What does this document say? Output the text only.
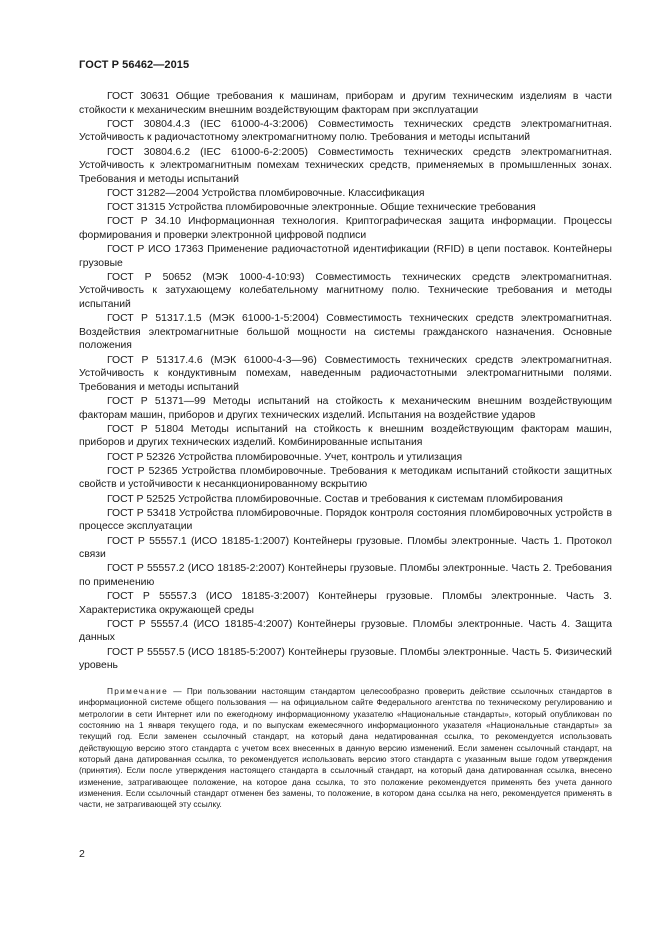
ГОСТ Р 56462—2015

ГОСТ 30631 Общие требования к машинам, приборам и другим техническим изделиям в части стойкости к механическим внешним воздействующим факторам при эксплуатации

ГОСТ 30804.4.3 (IEC 61000-4-3:2006) Совместимость технических средств электромагнитная. Устойчивость к радиочастотному электромагнитному полю. Требования и методы испытаний

ГОСТ 30804.6.2 (IEC 61000-6-2:2005) Совместимость технических средств электромагнитная. Устойчивость к электромагнитным помехам технических средств, применяемых в промышленных зонах. Требования и методы испытаний

ГОСТ 31282—2004 Устройства пломбировочные. Классификация

ГОСТ 31315 Устройства пломбировочные электронные. Общие технические требования

ГОСТ Р 34.10 Информационная технология. Криптографическая защита информации. Процессы формирования и проверки электронной цифровой подписи

ГОСТ Р ИСО 17363 Применение радиочастотной идентификации (RFID) в цепи поставок. Контейнеры грузовые

ГОСТ Р 50652 (МЭК 1000-4-10:93) Совместимость технических средств электромагнитная. Устойчивость к затухающему колебательному магнитному полю. Технические требования и методы испытаний

ГОСТ Р 51317.1.5 (МЭК 61000-1-5:2004) Совместимость технических средств электромагнитная. Воздействия электромагнитные большой мощности на системы гражданского назначения. Основные положения

ГОСТ Р 51317.4.6 (МЭК 61000-4-3—96) Совместимость технических средств электромагнитная. Устойчивость к кондуктивным помехам, наведенным радиочастотными электромагнитными полями. Требования и методы испытаний

ГОСТ Р 51371—99 Методы испытаний на стойкость к механическим внешним воздействующим факторам машин, приборов и других технических изделий. Испытания на воздействие ударов

ГОСТ Р 51804 Методы испытаний на стойкость к внешним воздействующим факторам машин, приборов и других технических изделий. Комбинированные испытания

ГОСТ Р 52326 Устройства пломбировочные. Учет, контроль и утилизация

ГОСТ Р 52365 Устройства пломбировочные. Требования к методикам испытаний стойкости защитных свойств и устойчивости к несанкционированному вскрытию

ГОСТ Р 52525 Устройства пломбировочные. Состав и требования к системам пломбирования

ГОСТ Р 53418 Устройства пломбировочные. Порядок контроля состояния пломбировочных устройств в процессе эксплуатации

ГОСТ Р 55557.1 (ИСО 18185-1:2007) Контейнеры грузовые. Пломбы электронные. Часть 1. Протокол связи

ГОСТ Р 55557.2 (ИСО 18185-2:2007) Контейнеры грузовые. Пломбы электронные. Часть 2. Требования по применению

ГОСТ Р 55557.3 (ИСО 18185-3:2007) Контейнеры грузовые. Пломбы электронные. Часть 3. Характеристика окружающей среды

ГОСТ Р 55557.4 (ИСО 18185-4:2007) Контейнеры грузовые. Пломбы электронные. Часть 4. Защита данных

ГОСТ Р 55557.5 (ИСО 18185-5:2007) Контейнеры грузовые. Пломбы электронные. Часть 5. Физический уровень

Примечание — При пользовании настоящим стандартом целесообразно проверить действие ссылочных стандартов в информационной системе общего пользования — на официальном сайте Федерального агентства по техническому регулированию и метрологии в сети Интернет или по ежегодному информационному указателю «Национальные стандарты», который опубликован по состоянию на 1 января текущего года, и по выпускам ежемесячного информационного указателя «Национальные стандарты» за текущий год. Если заменен ссылочный стандарт, на который дана недатированная ссылка, то рекомендуется использовать действующую версию этого стандарта с учетом всех внесенных в данную версию изменений. Если заменен ссылочный стандарт, на который дана датированная ссылка, то рекомендуется использовать версию этого стандарта с указанным выше годом утверждения (принятия). Если после утверждения настоящего стандарта в ссылочный стандарт, на который дана датированная ссылка, внесено изменение, затрагивающее положение, на которое дана ссылка, то это положение рекомендуется применять без учета данного изменения. Если ссылочный стандарт отменен без замены, то положение, в котором дана ссылка на него, рекомендуется применять в части, не затрагивающей эту ссылку.

2
